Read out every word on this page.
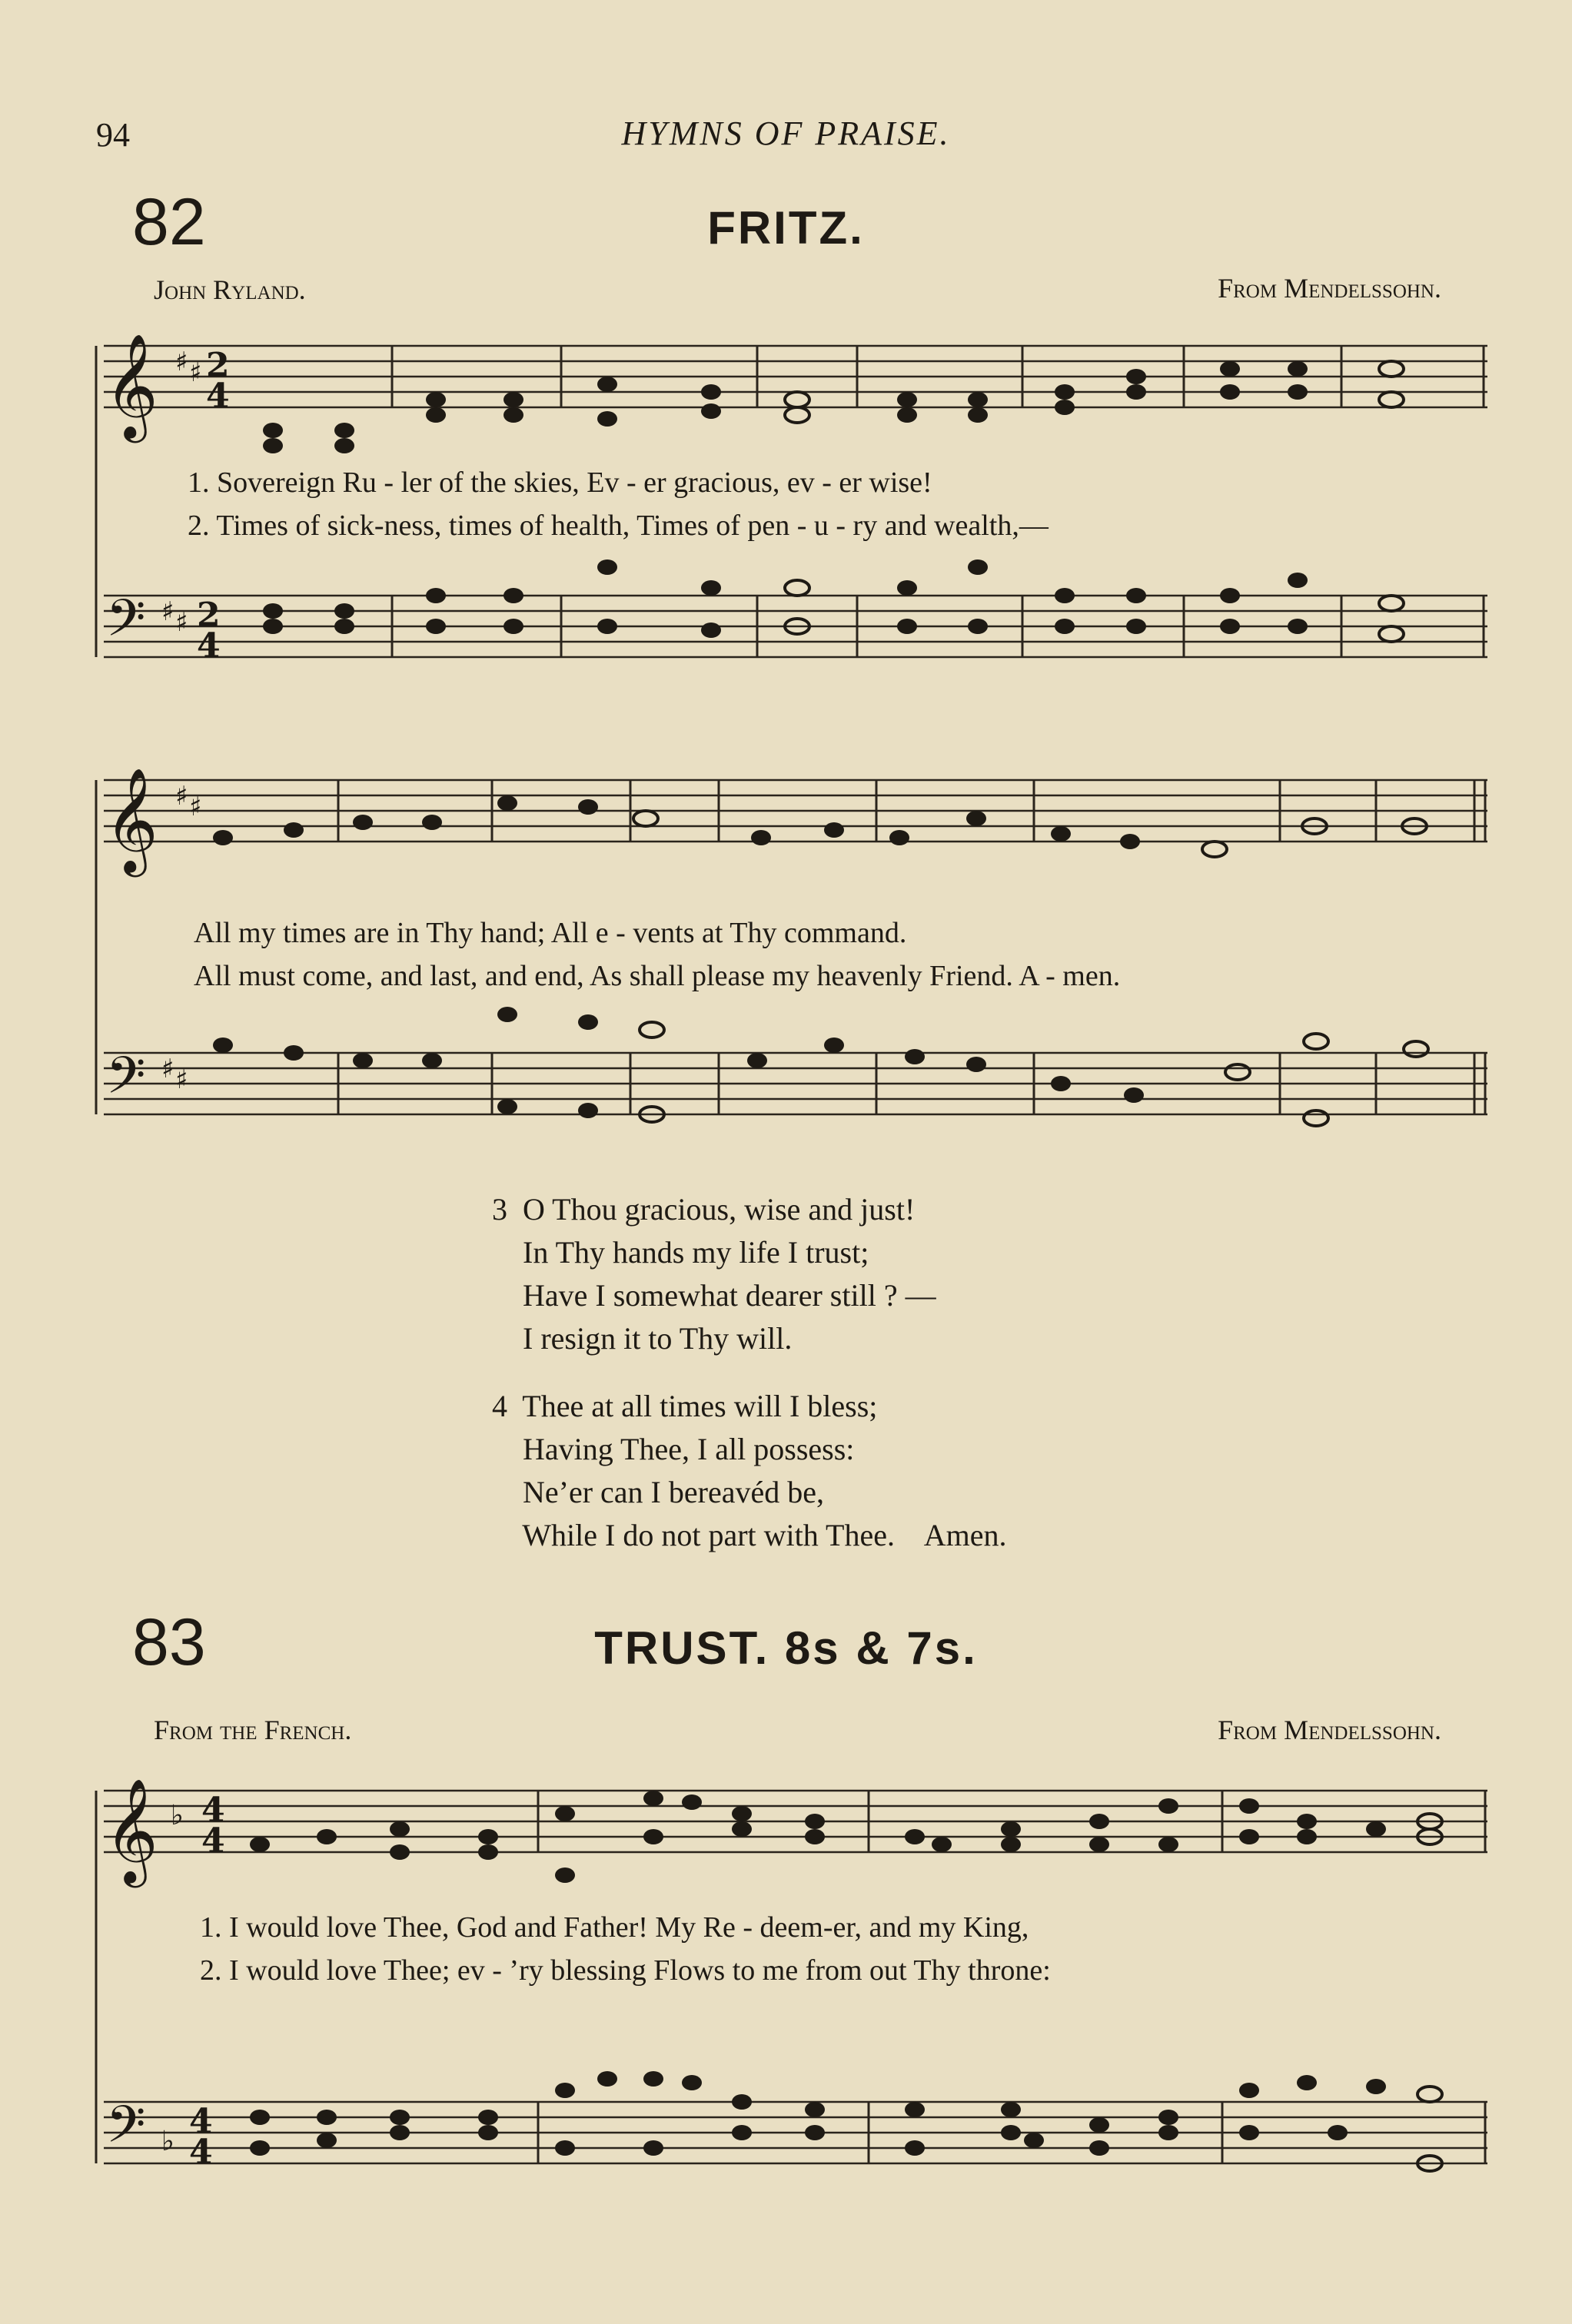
94	HYMNS OF PRAISE.
82	FRITZ.
John Ryland.	From Mendelssohn.
𝄞 ♯ ♯ 2
4
𝄢 ♯ ♯ 2
4
1. Sovereign Ru - ler of the skies, Ev - er gracious, ev - er wise!
2. Times of sick-ness, times of health, Times of pen - u - ry and wealth,—
𝄞 ♯ ♯
𝄢 ♯ ♯
All my times are in Thy hand; All e - vents at Thy command.
All must come, and last, and end, As shall please my heavenly Friend. A - men.
3  O Thou gracious, wise and just!
In Thy hands my life I trust;
Have I somewhat dearer still ? —
I resign it to Thy will.
4  Thee at all times will I bless;
Having Thee, I all possess:
Ne’er can I bereavéd be,
While I do not part with Thee.    Amen.
83	TRUST. 8s & 7s.
From the French.	From Mendelssohn.
𝄞 ♭ 4
4
𝄢 ♭
4
4
1. I would love Thee, God and Father! My Re - deem-er, and my King,
2. I would love Thee; ev - ’ry blessing Flows to me from out Thy throne:
